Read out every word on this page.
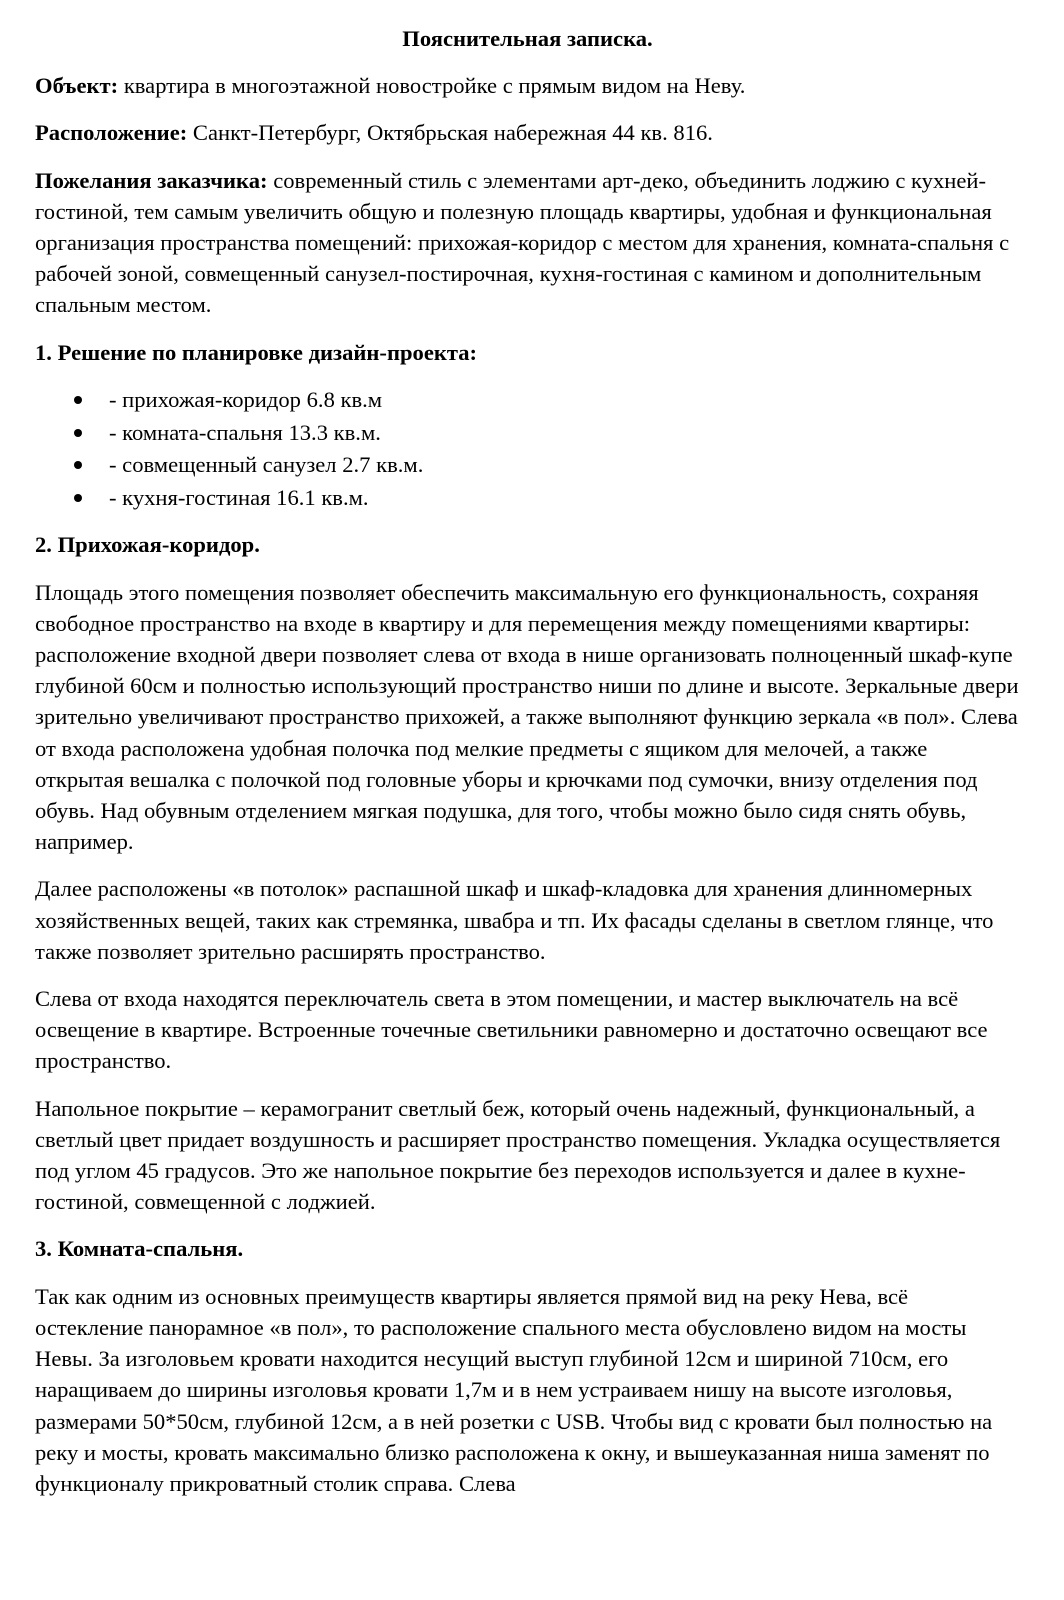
Пояснительная записка.

Объект: квартира в многоэтажной новостройке с прямым видом на Неву.

Расположение: Санкт-Петербург, Октябрьская набережная 44 кв. 816.

Пожелания заказчика: современный стиль с элементами арт-деко, объединить лоджию с кухней-гостиной, тем самым увеличить общую и полезную площадь квартиры, удобная и функциональная организация пространства помещений: прихожая-коридор с местом для хранения, комната-спальня с рабочей зоной, совмещенный санузел-постирочная, кухня-гостиная с камином и дополнительным спальным местом.

1. Решение по планировке дизайн-проекта:
- прихожая-коридор 6.8 кв.м
- комната-спальня 13.3 кв.м.
- совмещенный санузел 2.7 кв.м.
- кухня-гостиная 16.1 кв.м.
2. Прихожая-коридор.

Площадь этого помещения позволяет обеспечить максимальную его функциональность, сохраняя свободное пространство на входе в квартиру и для перемещения между помещениями квартиры: расположение входной двери позволяет слева от входа в нише организовать полноценный шкаф-купе глубиной 60см и полностью использующий пространство ниши по длине и высоте. Зеркальные двери зрительно увеличивают пространство прихожей, а также выполняют функцию зеркала «в пол». Слева от входа расположена удобная полочка под мелкие предметы с ящиком для мелочей, а также открытая вешалка с полочкой под головные уборы и крючками под сумочки, внизу отделения под обувь. Над обувным отделением мягкая подушка, для того, чтобы можно было сидя снять обувь, например.

Далее расположены «в потолок» распашной шкаф и шкаф-кладовка для хранения длинномерных хозяйственных вещей, таких как стремянка, швабра и тп. Их фасады сделаны в светлом глянце, что также позволяет зрительно расширять пространство.

Слева от входа находятся переключатель света в этом помещении, и мастер выключатель на всё освещение в квартире. Встроенные точечные светильники равномерно и достаточно освещают все пространство.

Напольное покрытие – керамогранит светлый беж, который очень надежный, функциональный, а светлый цвет придает воздушность и расширяет пространство помещения. Укладка осуществляется под углом 45 градусов. Это же напольное покрытие без переходов используется и далее в кухне-гостиной, совмещенной с лоджией.

3. Комната-спальня.

Так как одним из основных преимуществ квартиры является прямой вид на реку Нева, всё остекление панорамное «в пол», то расположение спального места обусловлено видом на мосты Невы. За изголовьем кровати находится несущий выступ глубиной 12см и шириной 710см, его наращиваем до ширины изголовья кровати 1,7м и в нем устраиваем нишу на высоте изголовья, размерами 50*50см, глубиной 12см, а в ней розетки с USB. Чтобы вид с кровати был полностью на реку и мосты, кровать максимально близко расположена к окну, и вышеуказанная ниша заменят по функционалу прикроватный столик справа. Слева
